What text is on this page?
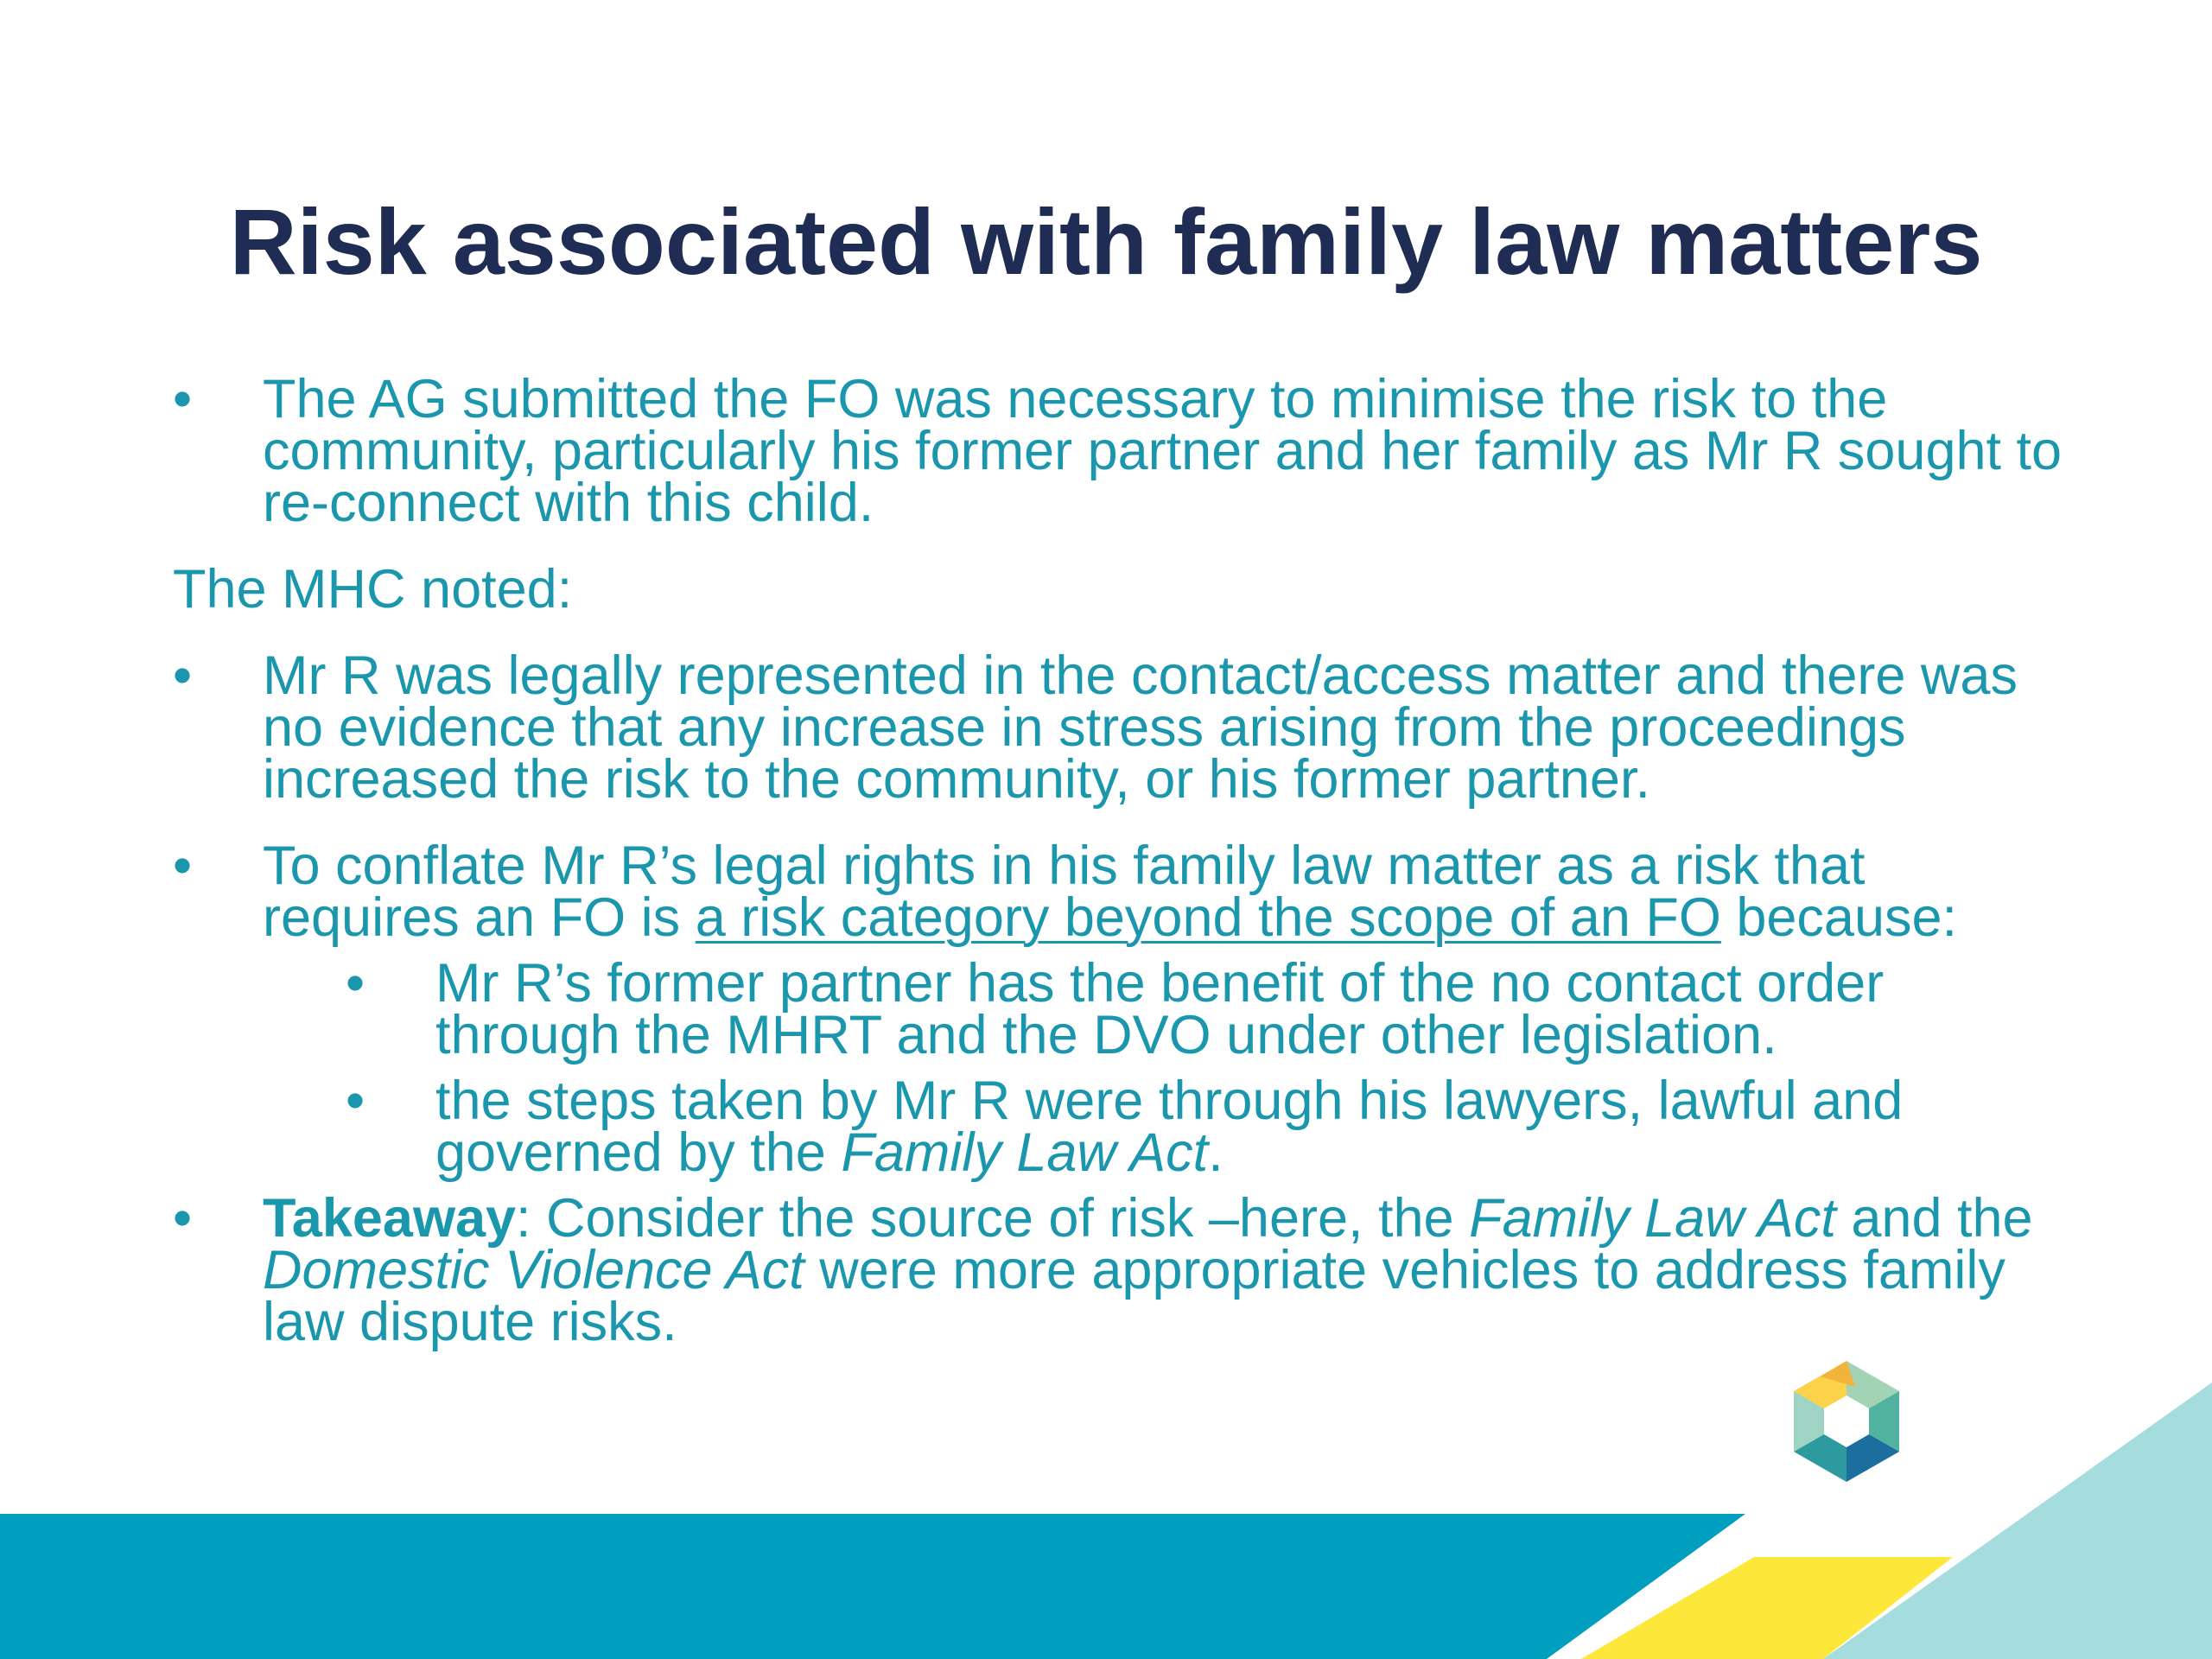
Risk associated with family law matters
• The AG submitted the FO was necessary to minimise the risk to the community, particularly his former partner and her family as Mr R sought to re-connect with this child.
The MHC noted:
• Mr R was legally represented in the contact/access matter and there was no evidence that any increase in stress arising from the proceedings increased the risk to the community, or his former partner.
• To conflate Mr R’s legal rights in his family law matter as a risk that requires an FO is a risk category beyond the scope of an FO because:
• Mr R’s former partner has the benefit of the no contact order through the MHRT and the DVO under other legislation.
• the steps taken by Mr R were through his lawyers, lawful and governed by the Family Law Act.
• Takeaway: Consider the source of risk –here, the Family Law Act and the Domestic Violence Act were more appropriate vehicles to address family law dispute risks.
